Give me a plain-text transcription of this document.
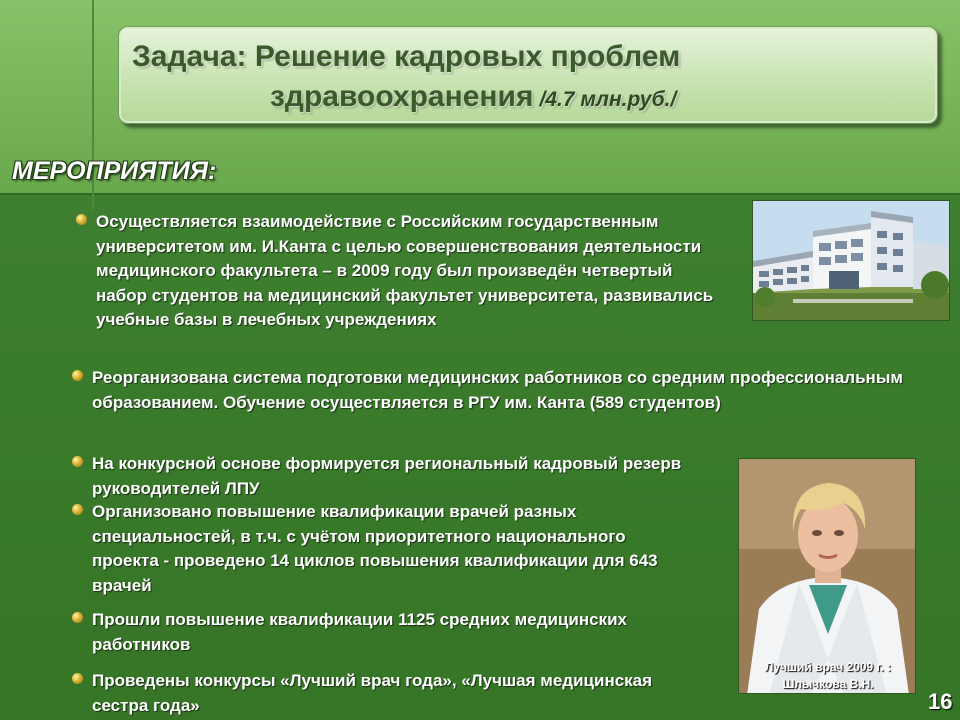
Задача: Решение кадровых проблем
здравоохранения /4.7 млн.руб./
МЕРОПРИЯТИЯ:
Осуществляется взаимодействие с Российским государственным университетом им. И.Канта с целью совершенствования деятельности медицинского факультета – в 2009 году был произведён четвертый набор студентов на медицинский факультет университета, развивались учебные базы в лечебных учреждениях
Реорганизована система подготовки медицинских работников со средним профессиональным образованием. Обучение осуществляется в РГУ им. Канта (589 студентов)
На конкурсной основе формируется региональный кадровый резерв руководителей ЛПУ
Организовано повышение квалификации врачей разных специальностей, в т.ч. с учётом приоритетного национального проекта - проведено 14 циклов повышения квалификации для 643 врачей
Прошли повышение квалификации 1125 средних медицинских работников
Проведены конкурсы «Лучший врач года», «Лучшая медицинская сестра года»
Лучший врач 2009 г. :
Шлычкова В.Н.
16
